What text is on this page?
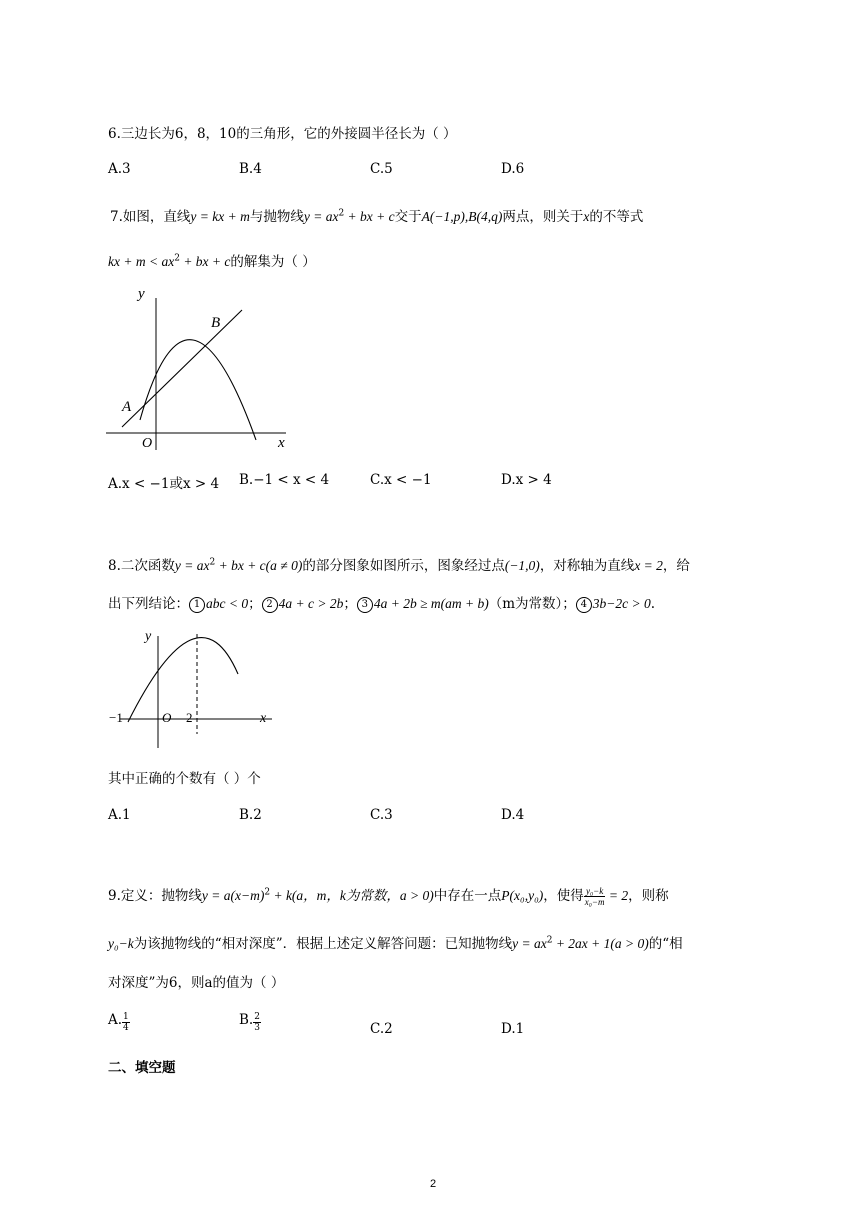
6.三边长为6，8，10的三角形，它的外接圆半径长为（ ）
A.3	B.4	C.5	D.6
7.如图，直线y = kx + m与抛物线$y = ax^2$ + bx + c交于A(−1,p),B(4,q)两点，则关于x的不等式
kx + $m < ax^2$ + bx + c的解集为（ ）
y
x
O
A
B
A.x < −1或x > 4 B.−1 < x < 4	C.x < −1	D.x > 4
8.二次函数$y = ax^2$ + bx + c(a ≠ 0)的部分图象如图所示，图象经过点(−1,0)，对称轴为直线x = 2，给
出下列结论： 1 abc < 0； 2 4a + c > 2b； 3 4a + 2b ≥ m(am + b)（m为常数）； 4 3b−2c > 0.
y
x
O
−1	2
其中正确的个数有（ ）个
A.1	B.2	C.3	D.4
9.定义：抛物线$y = a(x-m)^2 + k(a$，m，k为常数，a > 0)中存在一点P(x₀,y₀)，使得 $\frac{\text{y₀−k}}{\text{x₀−m}} = 2$，则称
y₀−k为该抛物线的“相对深度”．根据上述定义解答问题：已知抛物线$y = ax^2 + 2ax + 1(a > 0)$的“相
对深度”为6，则a的值为（ ）
A. $\frac{1}{4}$	B. $\frac{2}{3}$	C.2	D.1
二、填空题
2
